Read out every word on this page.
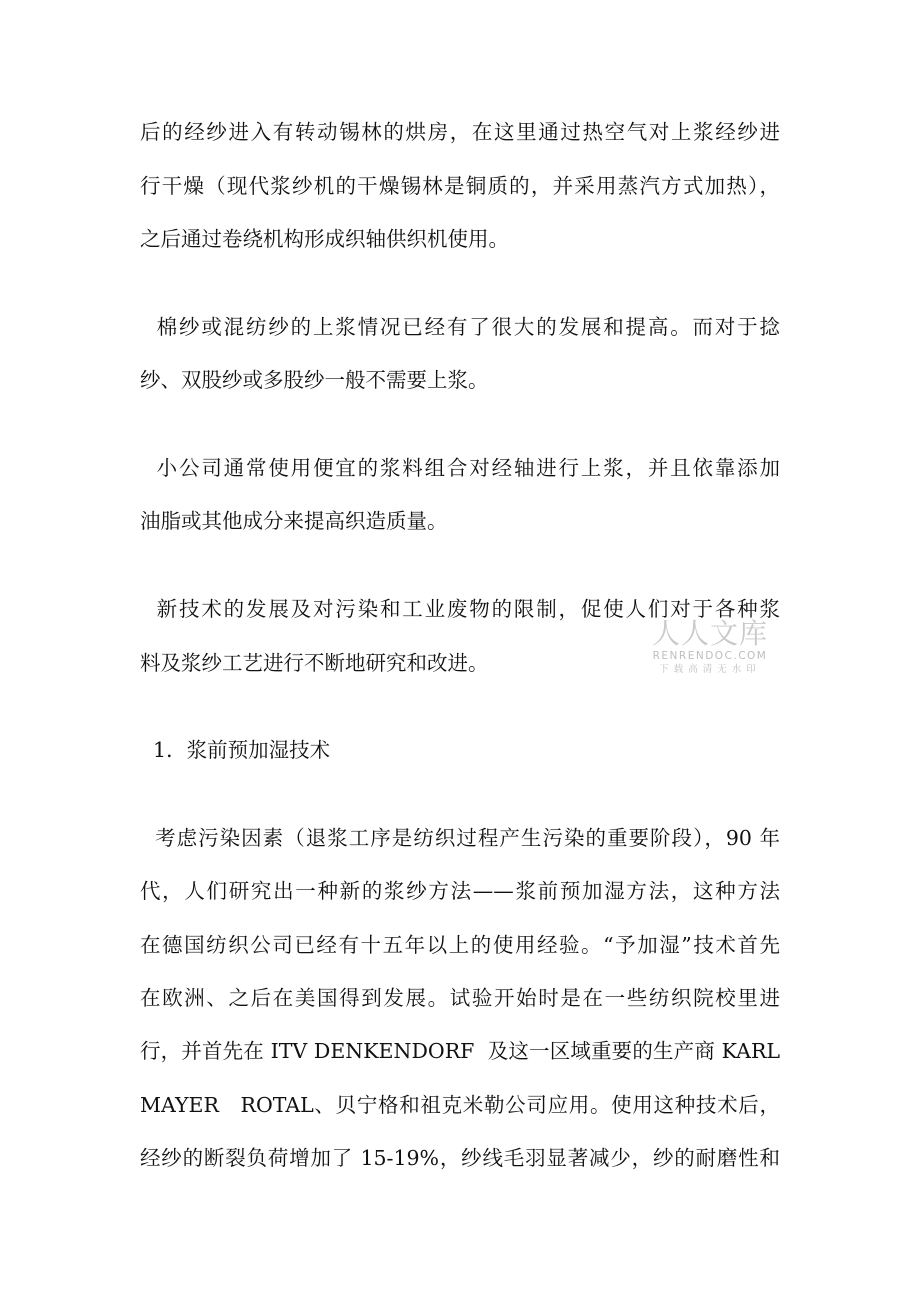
后的经纱进入有转动锡林的烘房，在这里通过热空气对上浆经纱进

行干燥（现代浆纱机的干燥锡林是铜质的，并采用蒸汽方式加热），

之后通过卷绕机构形成织轴供织机使用。

棉纱或混纺纱的上浆情况已经有了很大的发展和提高。而对于捻

纱、双股纱或多股纱一般不需要上浆。

小公司通常使用便宜的浆料组合对经轴进行上浆，并且依靠添加

油脂或其他成分来提高织造质量。

新技术的发展及对污染和工业废物的限制，促使人们对于各种浆

料及浆纱工艺进行不断地研究和改进。

1．浆前预加湿技术

考虑污染因素（退浆工序是纺织过程产生污染的重要阶段），90 年

代，人们研究出一种新的浆纱方法——浆前预加湿方法，这种方法

在德国纺织公司已经有十五年以上的使用经验。“予加湿”技术首先

在欧洲、之后在美国得到发展。试验开始时是在一些纺织院校里进

行，并首先在 ITV DENKENDORF  及这一区域重要的生产商 KARL

MAYER   ROTAL、贝宁格和祖克米勒公司应用。使用这种技术后，

经纱的断裂负荷增加了 15-19%，纱线毛羽显著减少，纱的耐磨性和

人人文库
RENRENDOC.COM
下载高清无水印
